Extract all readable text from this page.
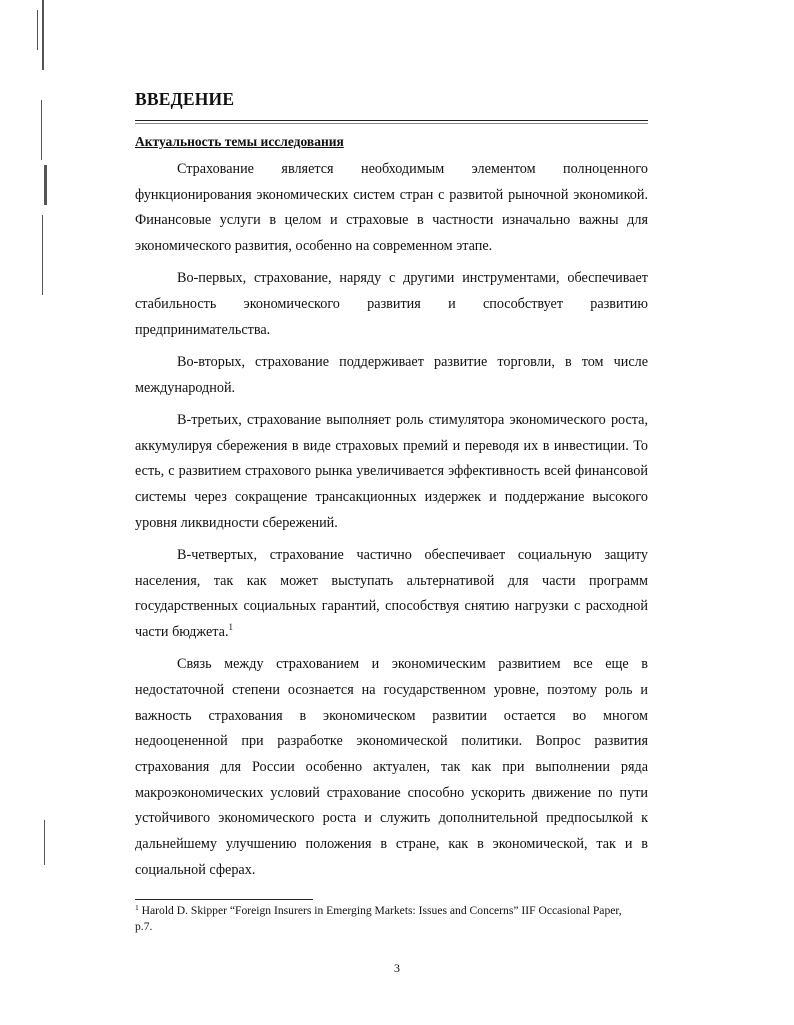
ВВЕДЕНИЕ
Актуальность темы исследования

Страхование является необходимым элементом полноценного функционирования экономических систем стран с развитой рыночной экономикой. Финансовые услуги в целом и страховые в частности изначально важны для экономического развития, особенно на современном этапе.

Во-первых, страхование, наряду с другими инструментами, обеспечивает стабильность экономического развития и способствует развитию предпринимательства.

Во-вторых, страхование поддерживает развитие торговли, в том числе международной.

В-третьих, страхование выполняет роль стимулятора экономического роста, аккумулируя сбережения в виде страховых премий и переводя их в инвестиции. То есть, с развитием страхового рынка увеличивается эффективность всей финансовой системы через сокращение трансакционных издержек и поддержание высокого уровня ликвидности сбережений.

В-четвертых, страхование частично обеспечивает социальную защиту населения, так как может выступать альтернативой для части программ государственных социальных гарантий, способствуя снятию нагрузки с расходной части бюджета.$^1$

Связь между страхованием и экономическим развитием все еще в недостаточной степени осознается на государственном уровне, поэтому роль и важность страхования в экономическом развитии остается во многом недооцененной при разработке экономической политики. Вопрос развития страхования для России особенно актуален, так как при выполнении ряда макроэкономических условий страхование способно ускорить движение по пути устойчивого экономического роста и служить дополнительной предпосылкой к дальнейшему улучшению положения в стране, как в экономической, так и в социальной сферах.

$^1$ Harold D. Skipper “Foreign Insurers in Emerging Markets: Issues and Concerns” IIF Occasional Paper, p.7.
3
